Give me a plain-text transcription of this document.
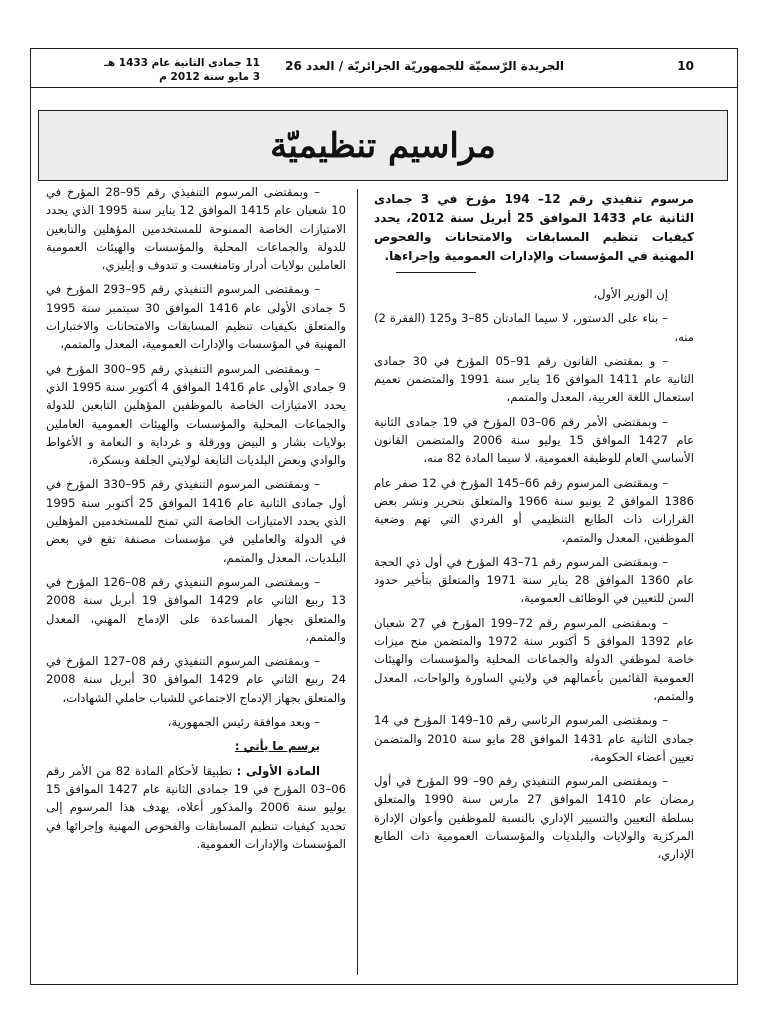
10
الجريدة الرّسميّة للجمهوريّة الجزائريّة / العدد 26
11 جمادى الثانية عام 1433 هـ
3 مايو سنة 2012 م
مراسيم تنظيميّة

مرسوم تنفيذي رقم 12– 194 مؤرخ في 3 جمادى الثانية عام 1433 الموافق 25 أبريل سنة 2012، يحدد كيفيات تنظيم المسابقات والامتحانات والفحوص المهنية في المؤسسات والإدارات العمومية وإجراءها.

إن الوزير الأول،

– بناء على الدستور، لا سيما المادتان 85–3 و125 (الفقرة 2) منه،

– و بمقتضى القانون رقم 91–05 المؤرخ في 30 جمادى الثانية عام 1411 الموافق 16 يناير سنة 1991 والمتضمن تعميم استعمال اللغة العربية، المعدل والمتمم،

– وبمقتضى الأمر رقم 06–03 المؤرخ في 19 جمادى الثانية عام 1427 الموافق 15 يوليو سنة 2006 والمتضمن القانون الأساسي العام للوظيفة العمومية، لا سيما المادة 82 منه،

– وبمقتضى المرسوم رقم 66–145 المؤرخ في 12 صفر عام 1386 الموافق 2 يونيو سنة 1966 والمتعلق بتحرير ونشر بعض القرارات ذات الطابع التنظيمي أو الفردي التي تهم وضعية الموظفين، المعدل والمتمم،

– وبمقتضى المرسوم رقم 71–43 المؤرخ في أول ذي الحجة عام 1360 الموافق 28 يناير سنة 1971 والمتعلق بتأخير حدود السن للتعيين في الوظائف العمومية،

– وبمقتضى المرسوم رقم 72–199 المؤرخ في 27 شعبان عام 1392 الموافق 5 أكتوبر سنة 1972 والمتضمن منح ميزات خاصة لموظفي الدولة والجماعات المحلية والمؤسسات والهيئات العمومية القائمين بأعمالهم في ولايتي الساورة والواحات، المعدل والمتمم،

– وبمقتضى المرسوم الرئاسي رقم 10–149 المؤرخ في 14 جمادى الثانية عام 1431 الموافق 28 مايو سنة 2010 والمتضمن تعيين أعضاء الحكومة،

– وبمقتضى المرسوم التنفيذي رقم 90– 99 المؤرخ في أول رمضان عام 1410 الموافق 27 مارس سنة 1990 والمتعلق بسلطة التعيين والتسيير الإداري بالنسبة للموظفين وأعوان الإدارة المركزية والولايات والبلديات والمؤسسات العمومية ذات الطابع الإداري،

– وبمقتضى المرسوم التنفيذي رقم 95–28 المؤرخ في 10 شعبان عام 1415 الموافق 12 يناير سنة 1995 الذي يحدد الامتيازات الخاصة الممنوحة للمستخدمين المؤهلين والتابعين للدولة والجماعات المحلية والمؤسسات والهيئات العمومية العاملين بولايات أدرار وتامنغست و تندوف و إيليزي،

– وبمقتضى المرسوم التنفيذي رقم 95–293 المؤرخ في 5 جمادى الأولى عام 1416 الموافق 30 سبتمبر سنة 1995 والمتعلق بكيفيات تنظيم المسابقات والامتحانات والاختبارات المهنية في المؤسسات والإدارات العمومية، المعدل والمتمم،

– وبمقتضى المرسوم التنفيذي رقم 95–300 المؤرخ في 9 جمادى الأولى عام 1416 الموافق 4 أكتوبر سنة 1995 الذي يحدد الامتيازات الخاصة بالموظفين المؤهلين التابعين للدولة والجماعات المحلية والمؤسسات والهيئات العمومية العاملين بولايات بشار و البيض وورقلة و غرداية و النعامة و الأغواط والوادي وبعض البلديات التابعة لولايتي الجلفة وبسكرة،

– وبمقتضى المرسوم التنفيذي رقم 95–330 المؤرخ في أول جمادى الثانية عام 1416 الموافق 25 أكتوبر سنة 1995 الذي يحدد الامتيازات الخاصة التي تمنح للمستخدمين المؤهلين في الدولة والعاملين في مؤسسات مصنفة تقع في بعض البلديات، المعدل والمتمم،

– وبمقتضى المرسوم التنفيذي رقم 08–126 المؤرخ في 13 ربيع الثاني عام 1429 الموافق 19 أبريل سنة 2008 والمتعلق بجهاز المساعدة على الإدماج المهني، المعدل والمتمم،

– وبمقتضى المرسوم التنفيذي رقم 08–127 المؤرخ في 24 ربيع الثاني عام 1429 الموافق 30 أبريل سنة 2008 والمتعلق بجهاز الإدماج الاجتماعي للشباب حاملي الشهادات،

– وبعد موافقة رئيس الجمهورية،

يرسم ما يأتي :

المادة الأولى : تطبيقا لأحكام المادة 82 من الأمر رقم 06–03 المؤرخ في 19 جمادى الثانية عام 1427 الموافق 15 يوليو سنة 2006 والمذكور أعلاه، يهدف هذا المرسوم إلى تحديد كيفيات تنظيم المسابقات والفحوص المهنية وإجرائها في المؤسسات والإدارات العمومية.
